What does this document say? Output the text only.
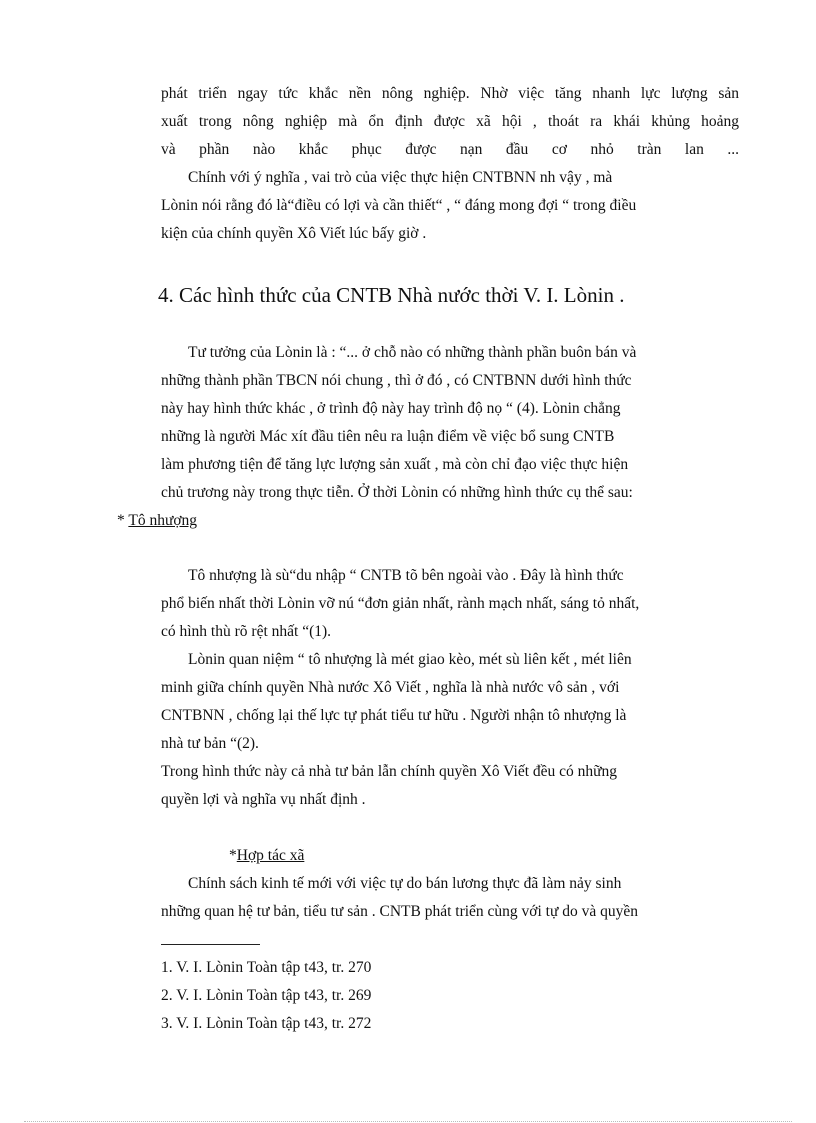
phát triển ngay tức khắc nền nông nghiệp. Nhờ việc tăng nhanh lực lượng sản
xuất trong nông nghiệp mà ổn định được xã hội , thoát ra khái khủng hoảng
và phần nào khắc phục được nạn đầu cơ nhỏ tràn lan ...
Chính với ý nghĩa , vai trò của việc thực hiện CNTBNN nh vậy , mà
Lònin nói rằng đó là“điều có lợi và cần thiết“ , “ đáng mong đợi “ trong điều
kiện của chính quyền Xô Viết lúc bấy giờ .
4. Các hình thức của CNTB Nhà nước thời V. I. Lònin .
Tư tưởng của Lònin là : “... ở chỗ nào có những thành phần buôn bán và
những thành phần TBCN nói chung , thì ở đó , có CNTBNN dưới hình thức
này hay hình thức khác , ở trình độ này hay trình độ nọ “ (4). Lònin chẳng
những là người Mác xít đầu tiên nêu ra luận điểm về việc bổ sung CNTB
làm phương tiện để tăng lực lượng sản xuất , mà còn chỉ đạo việc thực hiện
chủ trương này trong thực tiễn. Ở thời Lònin có những hình thức cụ thể sau:
* Tô nhượng
Tô nhượng là sù“du nhập “ CNTB tõ bên ngoài vào . Đây là hình thức
phổ biến nhất thời Lònin vỡ nú “đơn giản nhất, rành mạch nhất, sáng tỏ nhất,
có hình thù rõ rệt nhất “(1).
Lònin quan niệm “ tô nhượng là mét giao kèo, mét sù liên kết , mét liên
minh giữa chính quyền Nhà nước Xô Viết , nghĩa là nhà nước vô sản , với
CNTBNN , chống lại thế lực tự phát tiểu tư hữu . Người nhận tô nhượng là
nhà tư bản “(2).
Trong hình thức này cả nhà tư bản lẫn chính quyền Xô Viết đều có những
quyền lợi và nghĩa vụ nhất định .
*Hợp tác xã
Chính sách kinh tế mới với việc tự do bán lương thực đã làm nảy sinh
những quan hệ tư bản, tiểu tư sản . CNTB phát triển cùng với tự do và quyền
1. V. I. Lònin Toàn tập t43, tr. 270
2. V. I. Lònin Toàn tập t43, tr. 269
3. V. I. Lònin Toàn tập t43, tr. 272
